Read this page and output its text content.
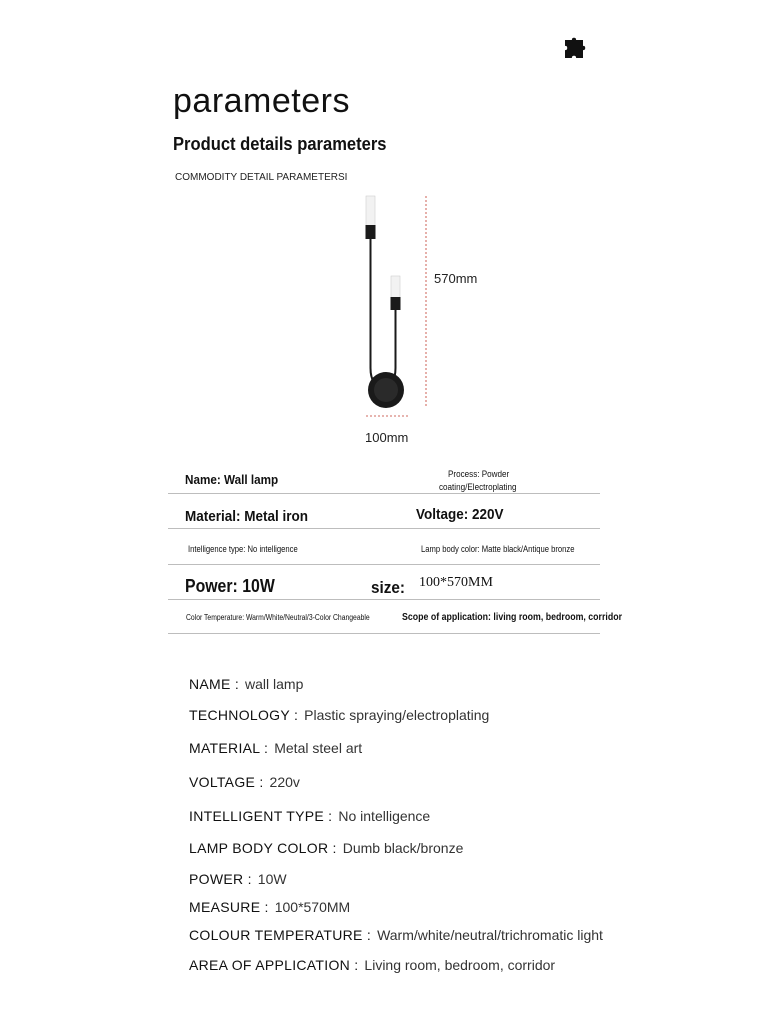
parameters
Product details parameters
COMMODITY DETAIL PARAMETERSI
570mm
100mm
Name: Wall lamp	Process: Powder
coating/Electroplating
Material: Metal iron	Voltage: 220V
Intelligence type: No intelligence	Lamp body color: Matte black/Antique bronze
Power: 10W	size: 100*570MM
Color Temperature: Warm/White/Neutral/3-Color Changeable	Scope of application: living room, bedroom, corridor
NAME : wall lamp
TECHNOLOGY : Plastic spraying/electroplating
MATERIAL : Metal steel art
VOLTAGE : 220v
INTELLIGENT TYPE : No intelligence
LAMP BODY COLOR : Dumb black/bronze
POWER : 10W
MEASURE : 100*570MM
COLOUR TEMPERATURE : Warm/white/neutral/trichromatic light
AREA OF APPLICATION : Living room, bedroom, corridor
